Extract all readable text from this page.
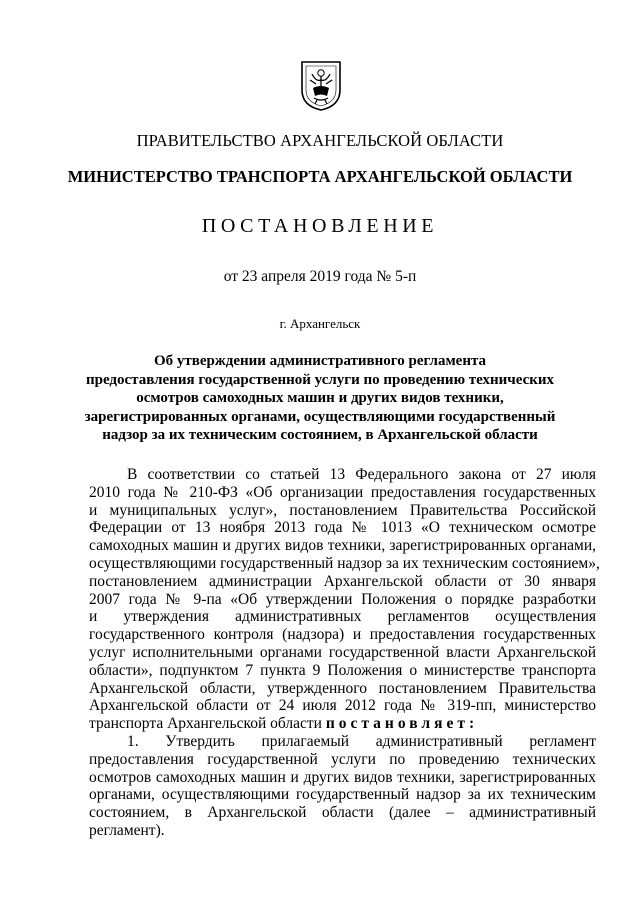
ПРАВИТЕЛЬСТВО АРХАНГЕЛЬСКОЙ ОБЛАСТИ
МИНИСТЕРСТВО ТРАНСПОРТА АРХАНГЕЛЬСКОЙ ОБЛАСТИ
ПОСТАНОВЛЕНИЕ
от 23 апреля 2019 года № 5-п
г. Архангельск
Об утверждении административного регламента
предоставления государственной услуги по проведению технических
осмотров самоходных машин и других видов техники,
зарегистрированных органами, осуществляющими государственный
надзор за их техническим состоянием, в Архангельской области
В соответствии со статьей 13 Федерального закона от 27 июля
2010 года № 210-ФЗ «Об организации предоставления государственных
и муниципальных услуг», постановлением Правительства Российской
Федерации от 13 ноября 2013 года № 1013 «О техническом осмотре
самоходных машин и других видов техники, зарегистрированных органами,
осуществляющими государственный надзор за их техническим состоянием»,
постановлением администрации Архангельской области от 30 января
2007 года № 9-па «Об утверждении Положения о порядке разработки
и утверждения административных регламентов осуществления
государственного контроля (надзора) и предоставления государственных
услуг исполнительными органами государственной власти Архангельской
области», подпунктом 7 пункта 9 Положения о министерстве транспорта
Архангельской области, утвержденного постановлением Правительства
Архангельской области от 24 июля 2012 года № 319-пп, министерство
транспорта Архангельской области постановляет:
1. Утвердить прилагаемый административный регламент
предоставления государственной услуги по проведению технических
осмотров самоходных машин и других видов техники, зарегистрированных
органами, осуществляющими государственный надзор за их техническим
состоянием, в Архангельской области (далее – административный
регламент).
